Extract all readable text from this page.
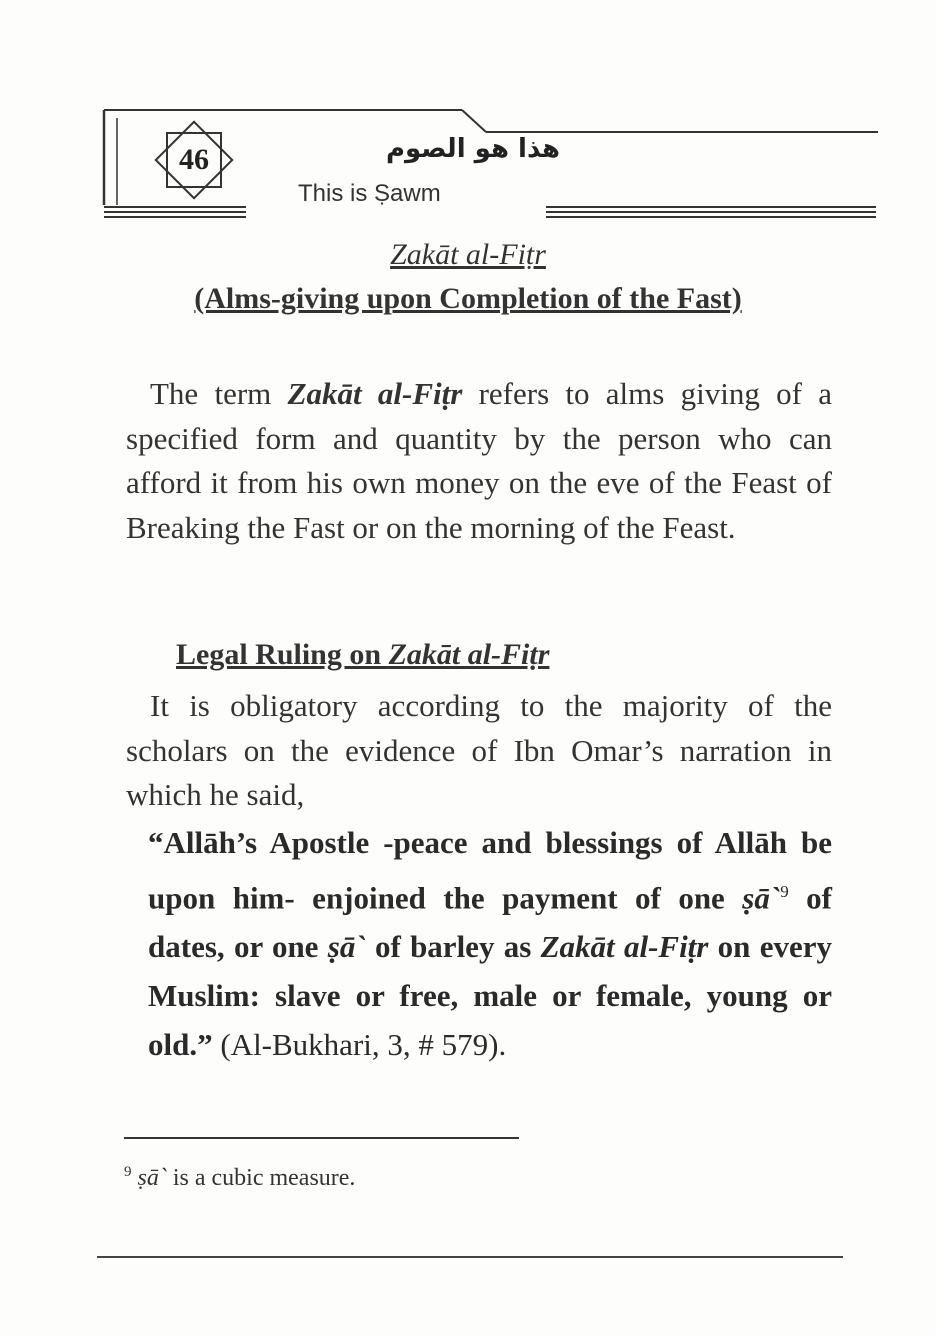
46	هذا هو الصوم
This is Ṣawm
Zakāt al-Fiṭr
(Alms-giving upon Completion of the Fast)
The term Zakāt al-Fiṭr refers to alms giving of a specified form and quantity by the person who can afford it from his own money on the eve of the Feast of Breaking the Fast or on the morning of the Feast.
Legal Ruling on Zakāt al-Fiṭr
It is obligatory according to the majority of the scholars on the evidence of Ibn Omar’s narration in which he said,
“Allāh’s Apostle -peace and blessings of Allāh be upon him- enjoined the payment of one ṣā`$^9$ of dates, or one ṣā` of barley as Zakāt al-Fiṭr on every Muslim: slave or free, male or female, young or old.” (Al-Bukhari, 3, # 579).
$^9$ ṣā` is a cubic measure.
